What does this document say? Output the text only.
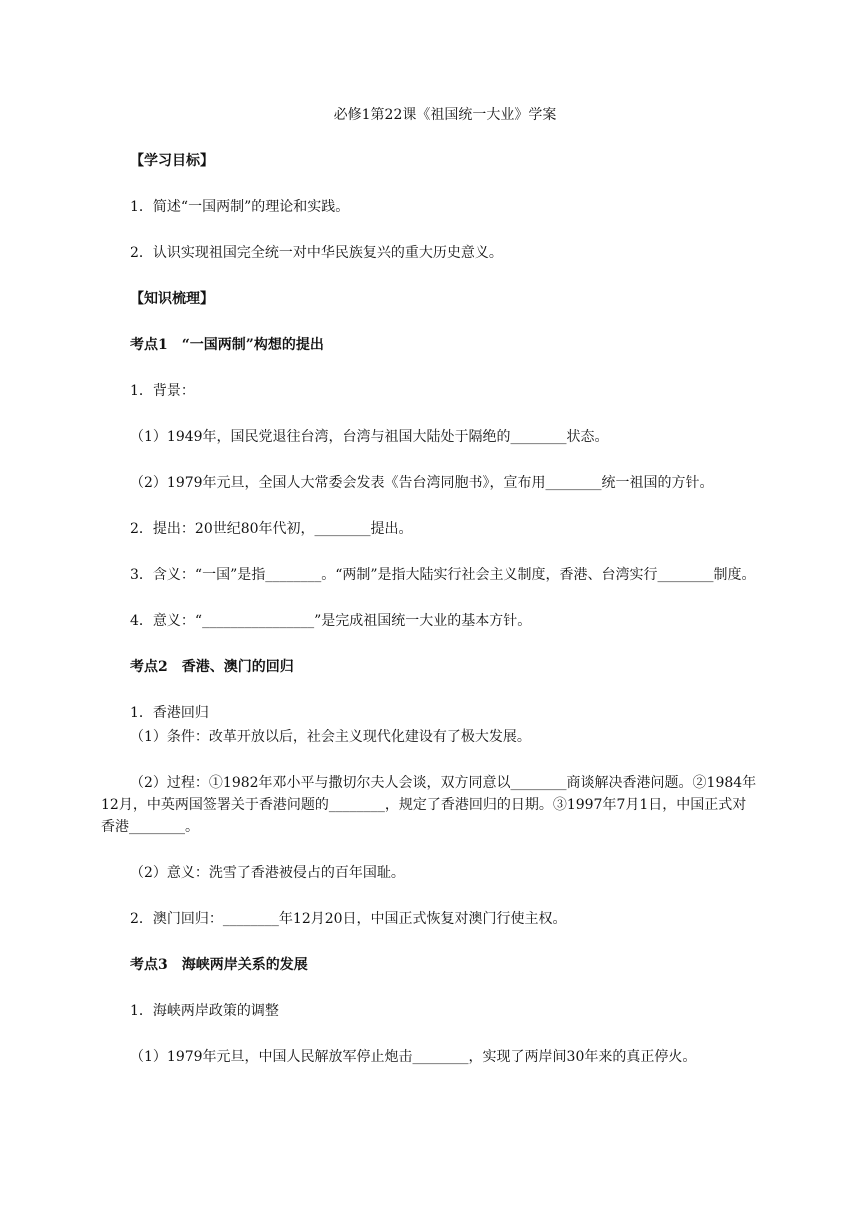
必修1第22课《祖国统一大业》学案
【学习目标】
1．简述“一国两制”的理论和实践。
2．认识实现祖国完全统一对中华民族复兴的重大历史意义。
【知识梳理】
考点1　“一国两制”构想的提出
1．背景：
（1）1949年，国民党退往台湾，台湾与祖国大陆处于隔绝的________状态。
（2）1979年元旦，全国人大常委会发表《告台湾同胞书》，宣布用________统一祖国的方针。
2．提出：20世纪80年代初，________提出。
3．含义：“一国”是指________。“两制”是指大陆实行社会主义制度，香港、台湾实行________制度。
4．意义：“________________”是完成祖国统一大业的基本方针。
考点2　香港、澳门的回归
1．香港回归
（1）条件：改革开放以后，社会主义现代化建设有了极大发展。
（2）过程：①1982年邓小平与撒切尔夫人会谈，双方同意以________商谈解决香港问题。②1984年12月，中英两国签署关于香港问题的________，规定了香港回归的日期。③1997年7月1日，中国正式对香港________。
（2）意义：洗雪了香港被侵占的百年国耻。
2．澳门回归：________年12月20日，中国正式恢复对澳门行使主权。
考点3　海峡两岸关系的发展
1．海峡两岸政策的调整
（1）1979年元旦，中国人民解放军停止炮击________，实现了两岸间30年来的真正停火。
